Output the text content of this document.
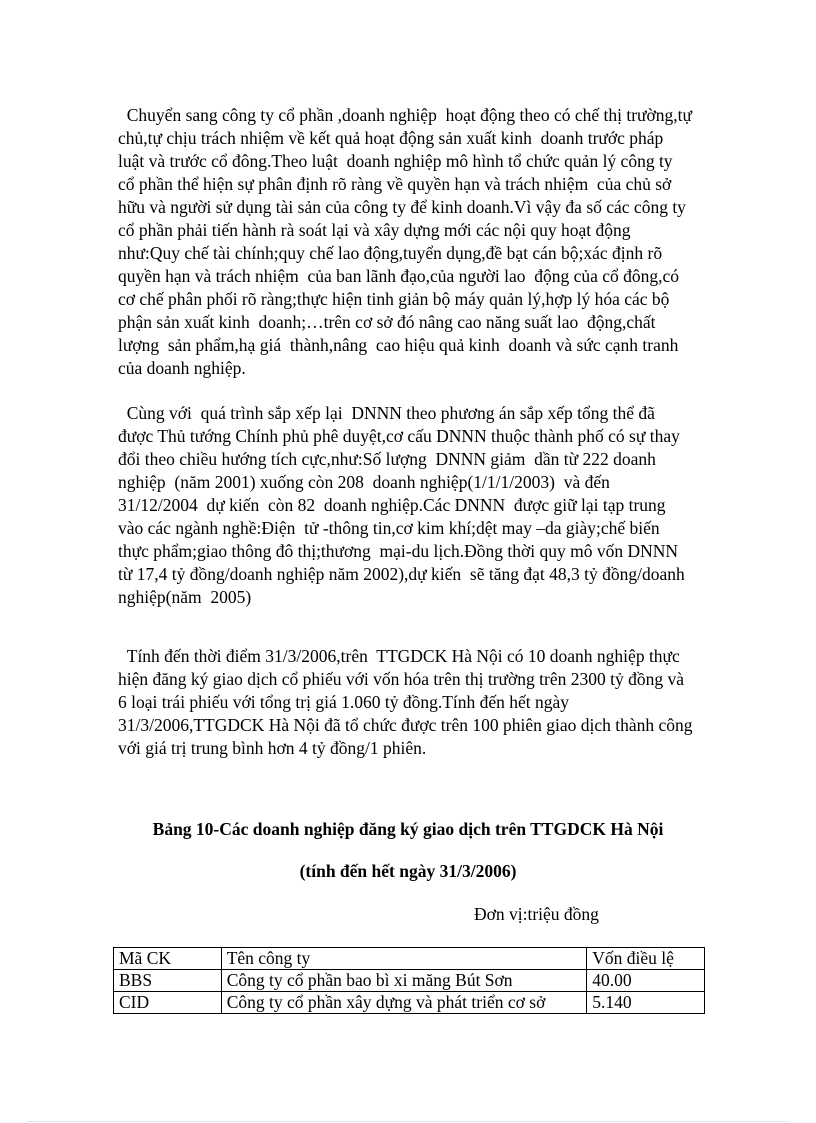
Chuyển sang công ty cổ phần ,doanh nghiệp  hoạt động theo có chế thị trường,tự chủ,tự chịu trách nhiệm về kết quả hoạt động sản xuất kinh  doanh trước pháp luật và trước cổ đông.Theo luật  doanh nghiệp mô hình tổ chức quản lý công ty cổ phần thể hiện sự phân định rõ ràng về quyền hạn và trách nhiệm  của chủ sở hữu và người sử dụng tài sản của công ty để kinh doanh.Vì vậy đa số các công ty cổ phần phải tiến hành rà soát lại và xây dựng mới các nội quy hoạt động như:Quy chế tài chính;quy chế lao động,tuyển dụng,đề bạt cán bộ;xác định rõ quyền hạn và trách nhiệm  của ban lãnh đạo,của người lao  động của cổ đông,có cơ chế phân phối rõ ràng;thực hiện tinh giản bộ máy quản lý,hợp lý hóa các bộ phận sản xuất kinh  doanh;…trên cơ sở đó nâng cao năng suất lao  động,chất lượng  sản phẩm,hạ giá  thành,nâng  cao hiệu quả kinh  doanh và sức cạnh tranh của doanh nghiệp.

Cùng với  quá trình sắp xếp lại  DNNN theo phương án sắp xếp tổng thể đã được Thủ tướng Chính phủ phê duyệt,cơ cấu DNNN thuộc thành phố có sự thay đổi theo chiều hướng tích cực,như:Số lượng  DNNN giảm  dần từ 222 doanh nghiệp  (năm 2001) xuống còn 208  doanh nghiệp(1/1/1/2003)  và đến 31/12/2004  dự kiến  còn 82  doanh nghiệp.Các DNNN  được giữ lại tạp trung vào các ngành nghề:Điện  tử -thông tin,cơ kim khí;dệt may –da giày;chế biến thực phẩm;giao thông đô thị;thương  mại-du lịch.Đồng thời quy mô vốn DNNN từ 17,4 tỷ đồng/doanh nghiệp năm 2002),dự kiến  sẽ tăng đạt 48,3 tỷ đồng/doanh nghiệp(năm  2005)

Tính đến thời điểm 31/3/2006,trên  TTGDCK Hà Nội có 10 doanh nghiệp thực hiện đăng ký giao dịch cổ phiếu với vốn hóa trên thị trường trên 2300 tỷ đồng và 6 loại trái phiếu với tổng trị giá 1.060 tỷ đồng.Tính đến hết ngày 31/3/2006,TTGDCK Hà Nội đã tổ chức được trên 100 phiên giao dịch thành công với giá trị trung bình hơn 4 tỷ đồng/1 phiên.

Bảng 10-Các doanh nghiệp đăng ký giao dịch trên TTGDCK Hà Nội

(tính đến hết ngày 31/3/2006)

Đơn vị:triệu đồng

Mã CK	Tên công ty	Vốn điều lệ
BBS	Công ty cổ phần bao bì xi măng Bút Sơn	40.00
CID	Công ty cổ phần xây dựng và phát triển cơ sở	5.140
